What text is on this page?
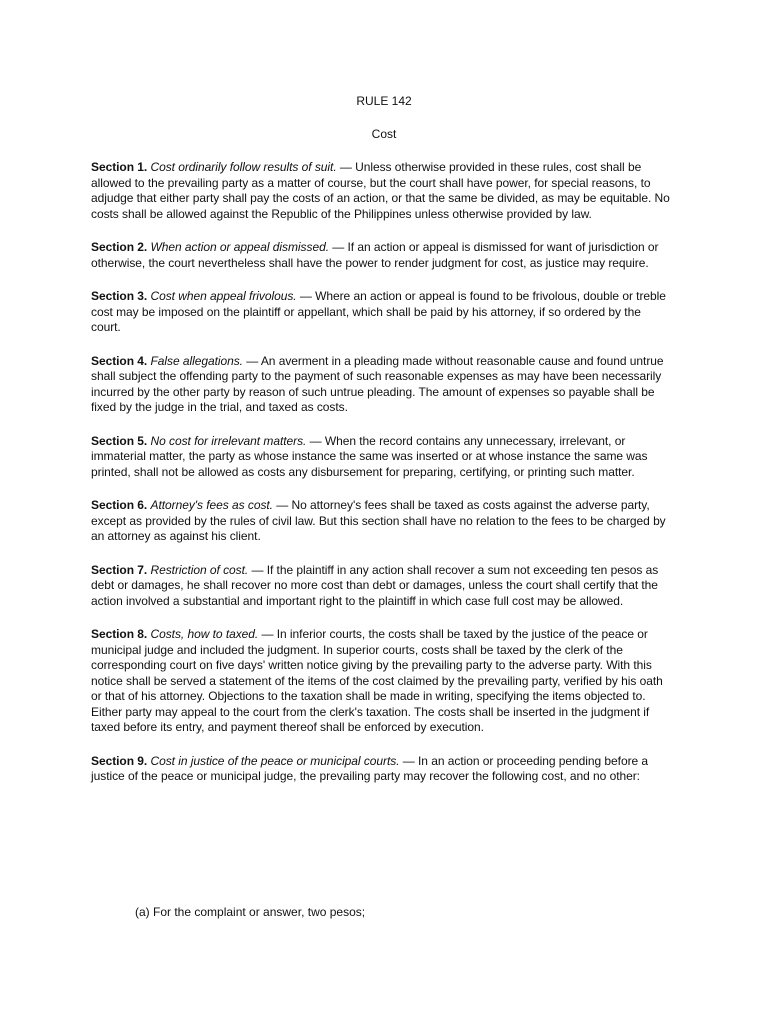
RULE 142

Cost

Section 1. Cost ordinarily follow results of suit. — Unless otherwise provided in these rules, cost shall be allowed to the prevailing party as a matter of course, but the court shall have power, for special reasons, to adjudge that either party shall pay the costs of an action, or that the same be divided, as may be equitable. No costs shall be allowed against the Republic of the Philippines unless otherwise provided by law.

Section 2. When action or appeal dismissed. — If an action or appeal is dismissed for want of jurisdiction or otherwise, the court nevertheless shall have the power to render judgment for cost, as justice may require.

Section 3. Cost when appeal frivolous. — Where an action or appeal is found to be frivolous, double or treble cost may be imposed on the plaintiff or appellant, which shall be paid by his attorney, if so ordered by the court.

Section 4. False allegations. — An averment in a pleading made without reasonable cause and found untrue shall subject the offending party to the payment of such reasonable expenses as may have been necessarily incurred by the other party by reason of such untrue pleading. The amount of expenses so payable shall be fixed by the judge in the trial, and taxed as costs.

Section 5. No cost for irrelevant matters. — When the record contains any unnecessary, irrelevant, or immaterial matter, the party as whose instance the same was inserted or at whose instance the same was printed, shall not be allowed as costs any disbursement for preparing, certifying, or printing such matter.

Section 6. Attorney's fees as cost. — No attorney's fees shall be taxed as costs against the adverse party, except as provided by the rules of civil law. But this section shall have no relation to the fees to be charged by an attorney as against his client.

Section 7. Restriction of cost. — If the plaintiff in any action shall recover a sum not exceeding ten pesos as debt or damages, he shall recover no more cost than debt or damages, unless the court shall certify that the action involved a substantial and important right to the plaintiff in which case full cost may be allowed.

Section 8. Costs, how to taxed. — In inferior courts, the costs shall be taxed by the justice of the peace or municipal judge and included the judgment. In superior courts, costs shall be taxed by the clerk of the corresponding court on five days' written notice giving by the prevailing party to the adverse party. With this notice shall be served a statement of the items of the cost claimed by the prevailing party, verified by his oath or that of his attorney. Objections to the taxation shall be made in writing, specifying the items objected to. Either party may appeal to the court from the clerk's taxation. The costs shall be inserted in the judgment if taxed before its entry, and payment thereof shall be enforced by execution.

Section 9. Cost in justice of the peace or municipal courts. — In an action or proceeding pending before a justice of the peace or municipal judge, the prevailing party may recover the following cost, and no other:

(a) For the complaint or answer, two pesos;
